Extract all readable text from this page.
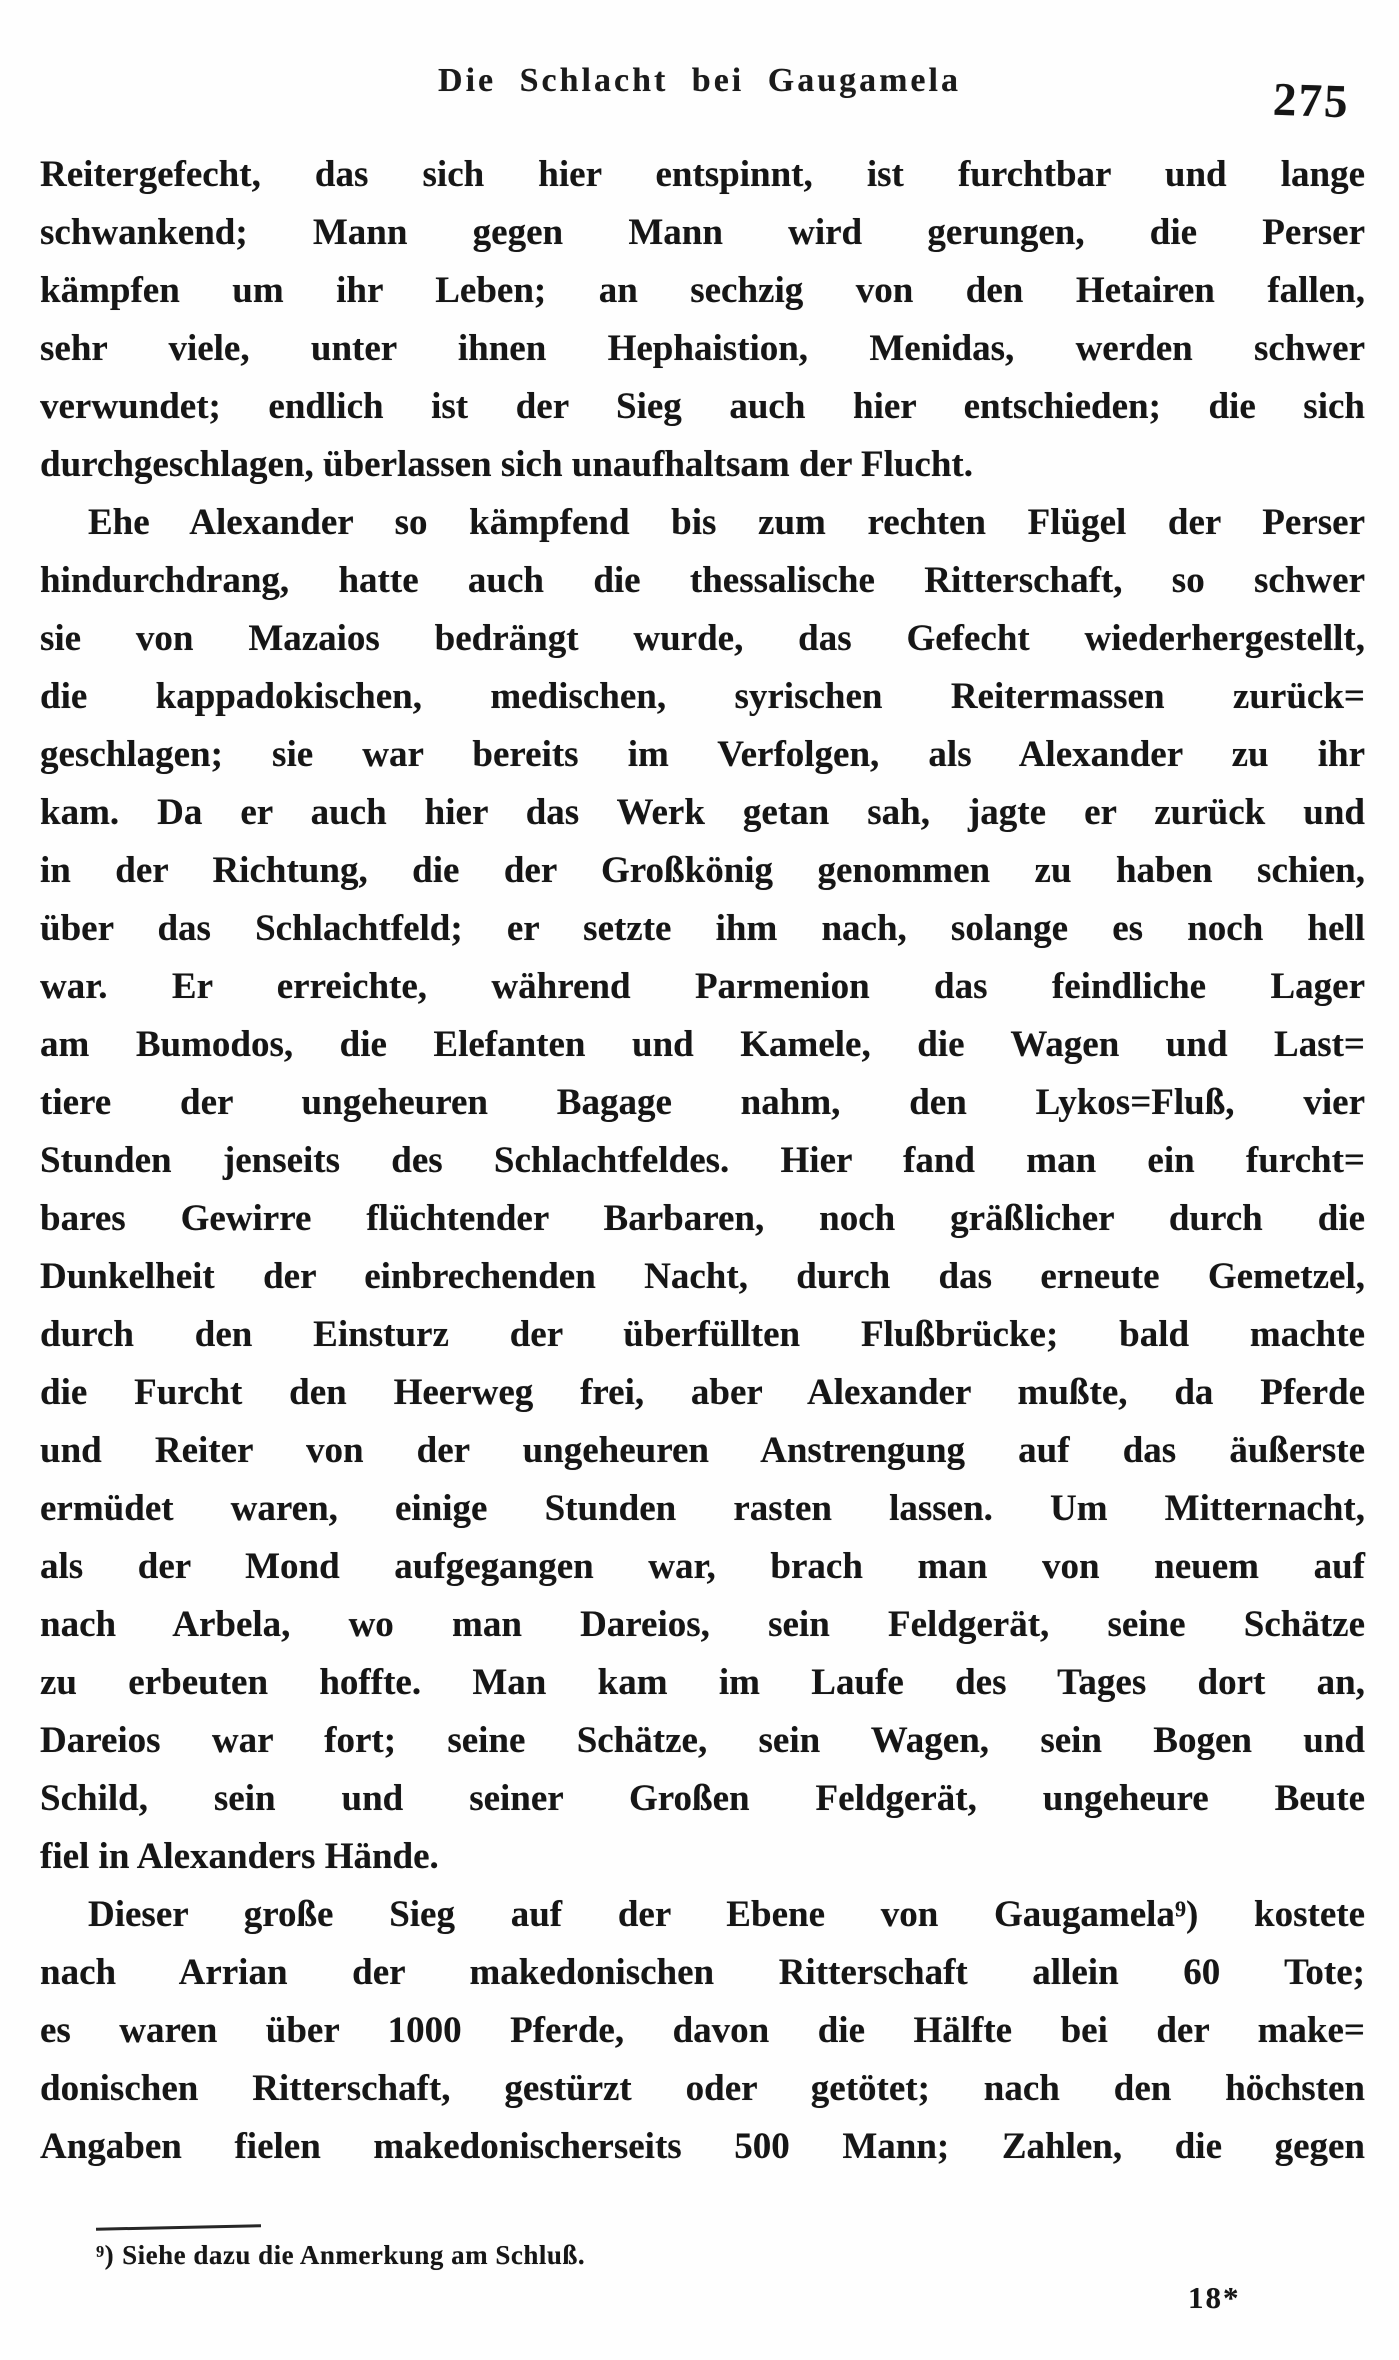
Die Schlacht bei Gaugamela	275
Reitergefecht, das sich hier entspinnt, ist furchtbar und lange
schwankend; Mann gegen Mann wird gerungen, die Perser
kämpfen um ihr Leben; an sechzig von den Hetairen fallen,
sehr viele, unter ihnen Hephaistion, Menidas, werden schwer
verwundet; endlich ist der Sieg auch hier entschieden; die sich
durchgeschlagen, überlassen sich unaufhaltsam der Flucht.
Ehe Alexander so kämpfend bis zum rechten Flügel der Perser
hindurchdrang, hatte auch die thessalische Ritterschaft, so schwer
sie von Mazaios bedrängt wurde, das Gefecht wiederhergestellt,
die kappadokischen, medischen, syrischen Reitermassen zurück=
geschlagen; sie war bereits im Verfolgen, als Alexander zu ihr
kam. Da er auch hier das Werk getan sah, jagte er zurück und
in der Richtung, die der Großkönig genommen zu haben schien,
über das Schlachtfeld; er setzte ihm nach, solange es noch hell
war. Er erreichte, während Parmenion das feindliche Lager
am Bumodos, die Elefanten und Kamele, die Wagen und Last=
tiere der ungeheuren Bagage nahm, den Lykos=Fluß, vier
Stunden jenseits des Schlachtfeldes. Hier fand man ein furcht=
bares Gewirre flüchtender Barbaren, noch gräßlicher durch die
Dunkelheit der einbrechenden Nacht, durch das erneute Gemetzel,
durch den Einsturz der überfüllten Flußbrücke; bald machte
die Furcht den Heerweg frei, aber Alexander mußte, da Pferde
und Reiter von der ungeheuren Anstrengung auf das äußerste
ermüdet waren, einige Stunden rasten lassen. Um Mitternacht,
als der Mond aufgegangen war, brach man von neuem auf
nach Arbela, wo man Dareios, sein Feldgerät, seine Schätze
zu erbeuten hoffte. Man kam im Laufe des Tages dort an,
Dareios war fort; seine Schätze, sein Wagen, sein Bogen und
Schild, sein und seiner Großen Feldgerät, ungeheure Beute
fiel in Alexanders Hände.
Dieser große Sieg auf der Ebene von Gaugamela⁹) kostete
nach Arrian der makedonischen Ritterschaft allein 60 Tote;
es waren über 1000 Pferde, davon die Hälfte bei der make=
donischen Ritterschaft, gestürzt oder getötet; nach den höchsten
Angaben fielen makedonischerseits 500 Mann; Zahlen, die gegen
⁹) Siehe dazu die Anmerkung am Schluß.
18*
